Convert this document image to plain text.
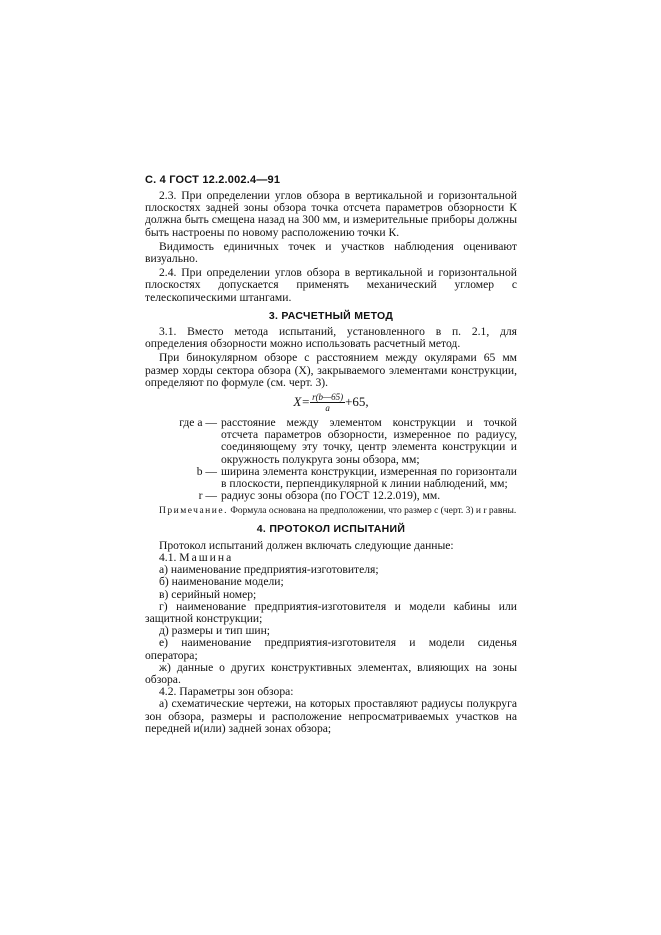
С. 4 ГОСТ 12.2.002.4—91

2.3. При определении углов обзора в вертикальной и горизонтальной плоскостях задней зоны обзора точка отсчета параметров обзорности К должна быть смещена назад на 300 мм, и измерительные приборы должны быть настроены по новому расположению точки К.

Видимость единичных точек и участков наблюдения оценивают визуально.

2.4. При определении углов обзора в вертикальной и горизонтальной плоскостях допускается применять механический угломер с телескопическими штангами.

3. РАСЧЕТНЫЙ МЕТОД

3.1. Вместо метода испытаний, установленного в п. 2.1, для определения обзорности можно использовать расчетный метод.

При бинокулярном обзоре с расстоянием между окулярами 65 мм размер хорды сектора обзора (X), закрываемого элементами конструкции, определяют по формуле (см. черт. 3).

$X= \frac{r(b—65)}{a} +65$,
где a — расстояние между элементом конструкции и точкой отсчета параметров обзорности, измеренное по радиусу, соединяющему эту точку, центр элемента конструкции и окружность полукруга зоны обзора, мм;
b — ширина элемента конструкции, измеренная по горизонтали в плоскости, перпендикулярной к линии наблюдений, мм;
r — радиус зоны обзора (по ГОСТ 12.2.019), мм.
Примечание. Формула основана на предположении, что размер c (черт. 3) и r равны.
4. ПРОТОКОЛ ИСПЫТАНИЙ

Протокол испытаний должен включать следующие данные:

4.1. Машина

а) наименование предприятия-изготовителя;

б) наименование модели;

в) серийный номер;

г) наименование предприятия-изготовителя и модели кабины или защитной конструкции;

д) размеры и тип шин;

е) наименование предприятия-изготовителя и модели сиденья оператора;

ж) данные о других конструктивных элементах, влияющих на зоны обзора.

4.2. Параметры зон обзора:

а) схематические чертежи, на которых проставляют радиусы полукруга зон обзора, размеры и расположение непросматриваемых участков на передней и(или) задней зонах обзора;
